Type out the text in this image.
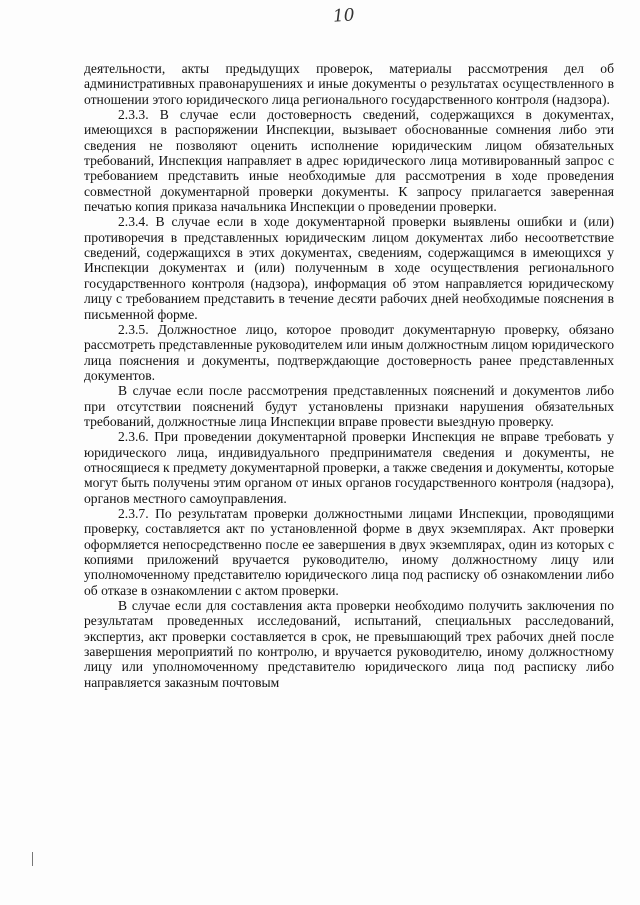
10

деятельности, акты предыдущих проверок, материалы рассмотрения дел об административных правонарушениях и иные документы о результатах осуществленного в отношении этого юридического лица регионального государственного контроля (надзора).

2.3.3. В случае если достоверность сведений, содержащихся в документах, имеющихся в распоряжении Инспекции, вызывает обоснованные сомнения либо эти сведения не позволяют оценить исполнение юридическим лицом обязательных требований, Инспекция направляет в адрес юридического лица мотивированный запрос с требованием представить иные необходимые для рассмотрения в ходе проведения совместной документарной проверки документы. К запросу прилагается заверенная печатью копия приказа начальника Инспекции о проведении проверки.

2.3.4. В случае если в ходе документарной проверки выявлены ошибки и (или) противоречия в представленных юридическим лицом документах либо несоответствие сведений, содержащихся в этих документах, сведениям, содержащимся в имеющихся у Инспекции документах и (или) полученным в ходе осуществления регионального государственного контроля (надзора), информация об этом направляется юридическому лицу с требованием представить в течение десяти рабочих дней необходимые пояснения в письменной форме.

2.3.5. Должностное лицо, которое проводит документарную проверку, обязано рассмотреть представленные руководителем или иным должностным лицом юридического лица пояснения и документы, подтверждающие достоверность ранее представленных документов.

В случае если после рассмотрения представленных пояснений и документов либо при отсутствии пояснений будут установлены признаки нарушения обязательных требований, должностные лица Инспекции вправе провести выездную проверку.

2.3.6. При проведении документарной проверки Инспекция не вправе требовать у юридического лица, индивидуального предпринимателя сведения и документы, не относящиеся к предмету документарной проверки, а также сведения и документы, которые могут быть получены этим органом от иных органов государственного контроля (надзора), органов местного самоуправления.

2.3.7. По результатам проверки должностными лицами Инспекции, проводящими проверку, составляется акт по установленной форме в двух экземплярах. Акт проверки оформляется непосредственно после ее завершения в двух экземплярах, один из которых с копиями приложений вручается руководителю, иному должностному лицу или уполномоченному представителю юридического лица под расписку об ознакомлении либо об отказе в ознакомлении с актом проверки.

В случае если для составления акта проверки необходимо получить заключения по результатам проведенных исследований, испытаний, специальных расследований, экспертиз, акт проверки составляется в срок, не превышающий трех рабочих дней после завершения мероприятий по контролю, и вручается руководителю, иному должностному лицу или уполномоченному представителю юридического лица под расписку либо направляется заказным почтовым
